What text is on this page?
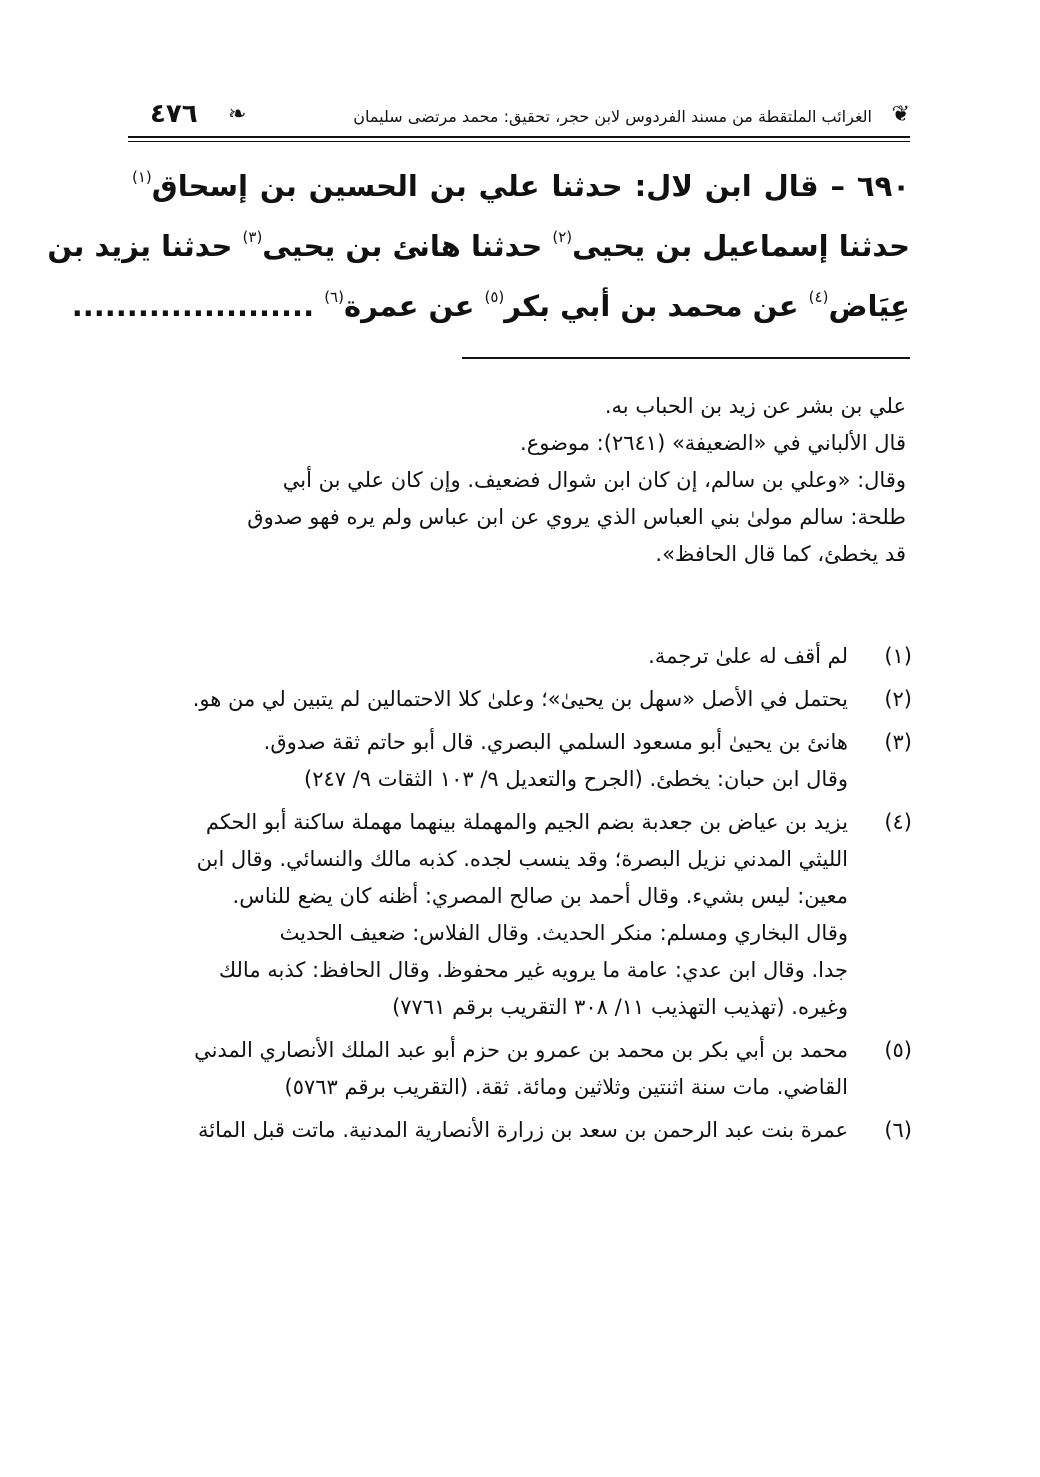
❦
الغرائب الملتقطة من مسند الفردوس لابن حجر، تحقيق: محمد مرتضى سليمان
❧
٤٧٦
٦٩٠ – قال ابن لال: حدثنا علي بن الحسين بن إسحاق$^{(١)}$
حدثنا إسماعيل بن يحيى$^{(٢)}$ حدثنا هانئ بن يحيى$^{(٣)}$ حدثنا يزيد بن
عِيَاض$^{(٤)}$ عن محمد بن أبي بكر$^{(٥)}$ عن عمرة$^{(٦)}$ ......................
علي بن بشر عن زيد بن الحباب به.
قال الألباني في «الضعيفة» (٢٦٤١): موضوع.
وقال: «وعلي بن سالم، إن كان ابن شوال فضعيف. وإن كان علي بن أبي
طلحة: سالم مولىٰ بني العباس الذي يروي عن ابن عباس ولم يره فهو صدوق
قد يخطئ، كما قال الحافظ».
(١)
لم أقف له علىٰ ترجمة.
(٢)
يحتمل في الأصل «سهل بن يحيىٰ»؛ وعلىٰ كلا الاحتمالين لم يتبين لي من هو.
(٣)
هانئ بن يحيىٰ أبو مسعود السلمي البصري. قال أبو حاتم ثقة صدوق.
وقال ابن حبان: يخطئ. (الجرح والتعديل ٩/ ١٠٣ الثقات ٩/ ٢٤٧)
(٤)
يزيد بن عياض بن جعدبة بضم الجيم والمهملة بينهما مهملة ساكنة أبو الحكم
الليثي المدني نزيل البصرة؛ وقد ينسب لجده. كذبه مالك والنسائي. وقال ابن
معين: ليس بشيء. وقال أحمد بن صالح المصري: أظنه كان يضع للناس.
وقال البخاري ومسلم: منكر الحديث. وقال الفلاس: ضعيف الحديث
جدا. وقال ابن عدي: عامة ما يرويه غير محفوظ. وقال الحافظ: كذبه مالك
وغيره. (تهذيب التهذيب ١١/ ٣٠٨ التقريب برقم ٧٧٦١)
(٥)
محمد بن أبي بكر بن محمد بن عمرو بن حزم أبو عبد الملك الأنصاري المدني
القاضي. مات سنة اثنتين وثلاثين ومائة. ثقة. (التقريب برقم ٥٧٦٣)
(٦)
عمرة بنت عبد الرحمن بن سعد بن زرارة الأنصارية المدنية. ماتت قبل المائة
